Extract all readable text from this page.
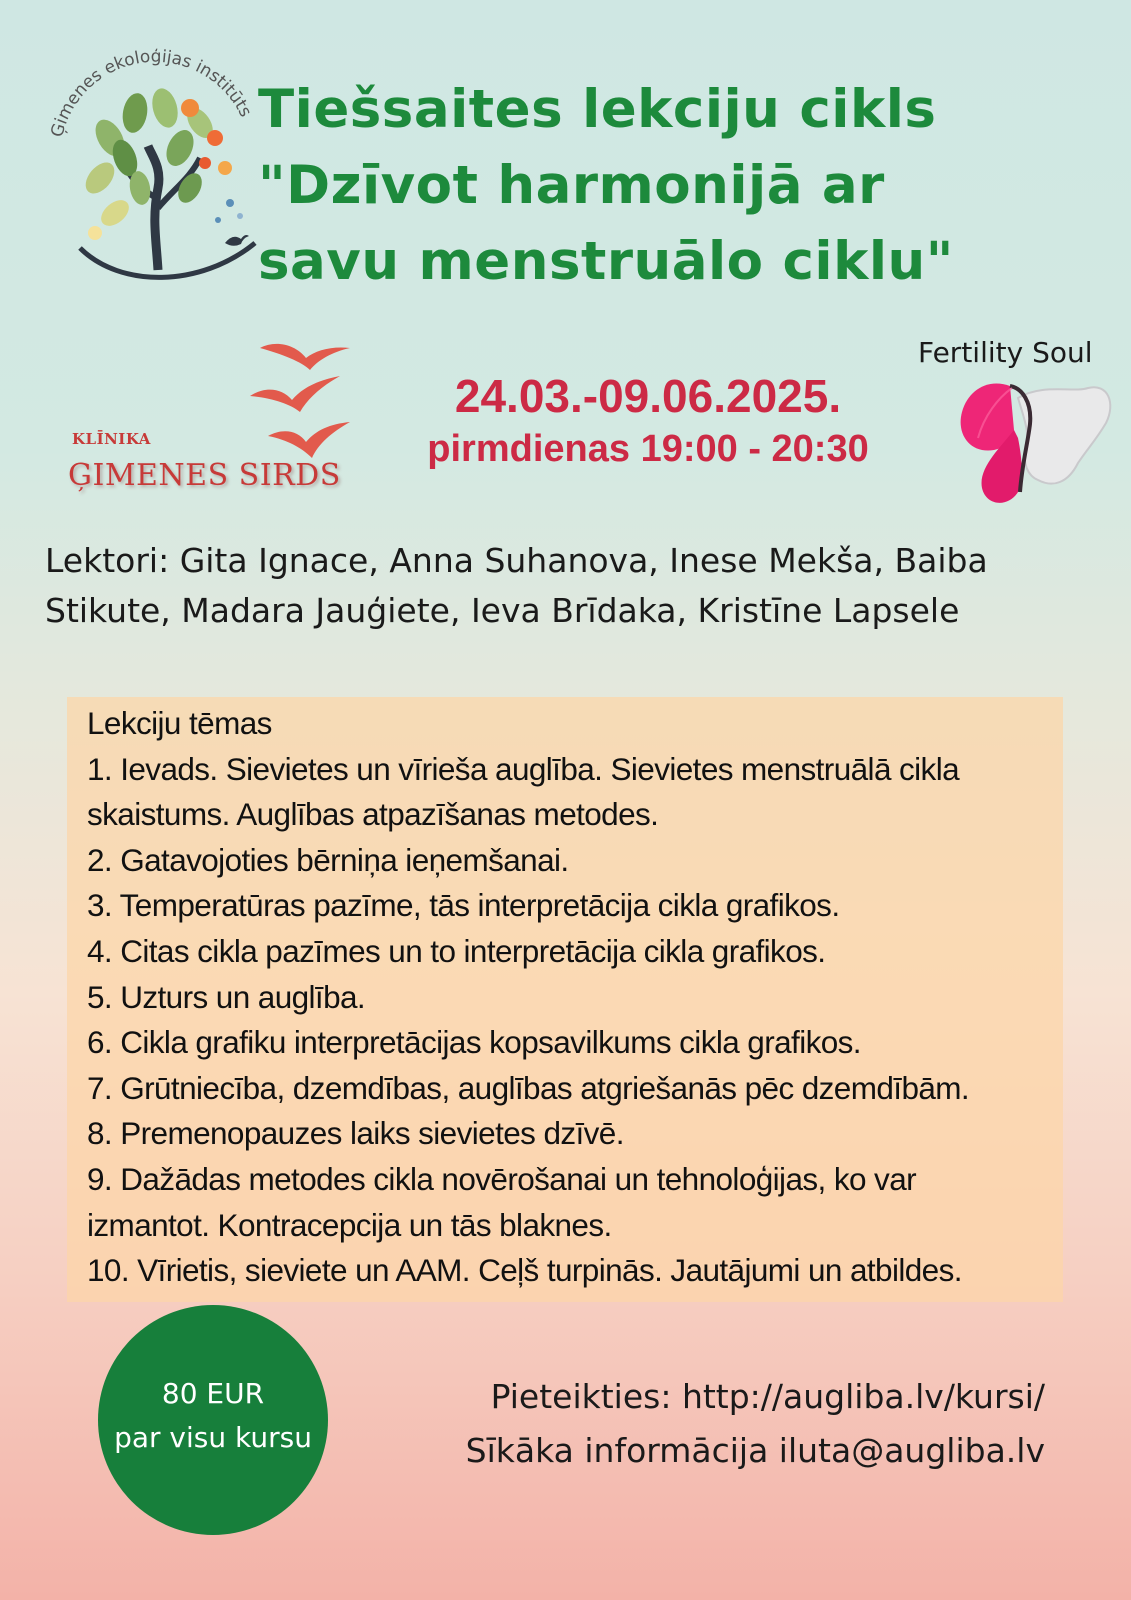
Ģimenes ekoloģijas institūts Tiešsaites lekciju cikls
"Dzīvot harmonijā ar
savu menstruālo ciklu"
KLĪNIKA
ĢIMENES SIRDS
24.03.-09.06.2025.
pirmdienas 19:00 - 20:30
Fertility Soul
Lektori: Gita Ignace, Anna Suhanova, Inese Mekša, Baiba
Stikute, Madara Jauģiete, Ieva Brīdaka, Kristīne Lapsele
Lekciju tēmas
1. Ievads. Sievietes un vīrieša auglība. Sievietes menstruālā cikla
skaistums. Auglības atpazīšanas metodes.
2. Gatavojoties bērniņa ieņemšanai.
3. Temperatūras pazīme, tās interpretācija cikla grafikos.
4. Citas cikla pazīmes un to interpretācija cikla grafikos.
5. Uzturs un auglība.
6. Cikla grafiku interpretācijas kopsavilkums cikla grafikos.
7. Grūtniecība, dzemdības, auglības atgriešanās pēc dzemdībām.
8. Premenopauzes laiks sievietes dzīvē.
9. Dažādas metodes cikla novērošanai un tehnoloģijas, ko var
izmantot. Kontracepcija un tās blaknes.
10. Vīrietis, sieviete un AAM. Ceļš turpinās. Jautājumi un atbildes.
80 EUR
par visu kursu
Pieteikties: http://augliba.lv/kursi/
Sīkāka informācija iluta@augliba.lv
